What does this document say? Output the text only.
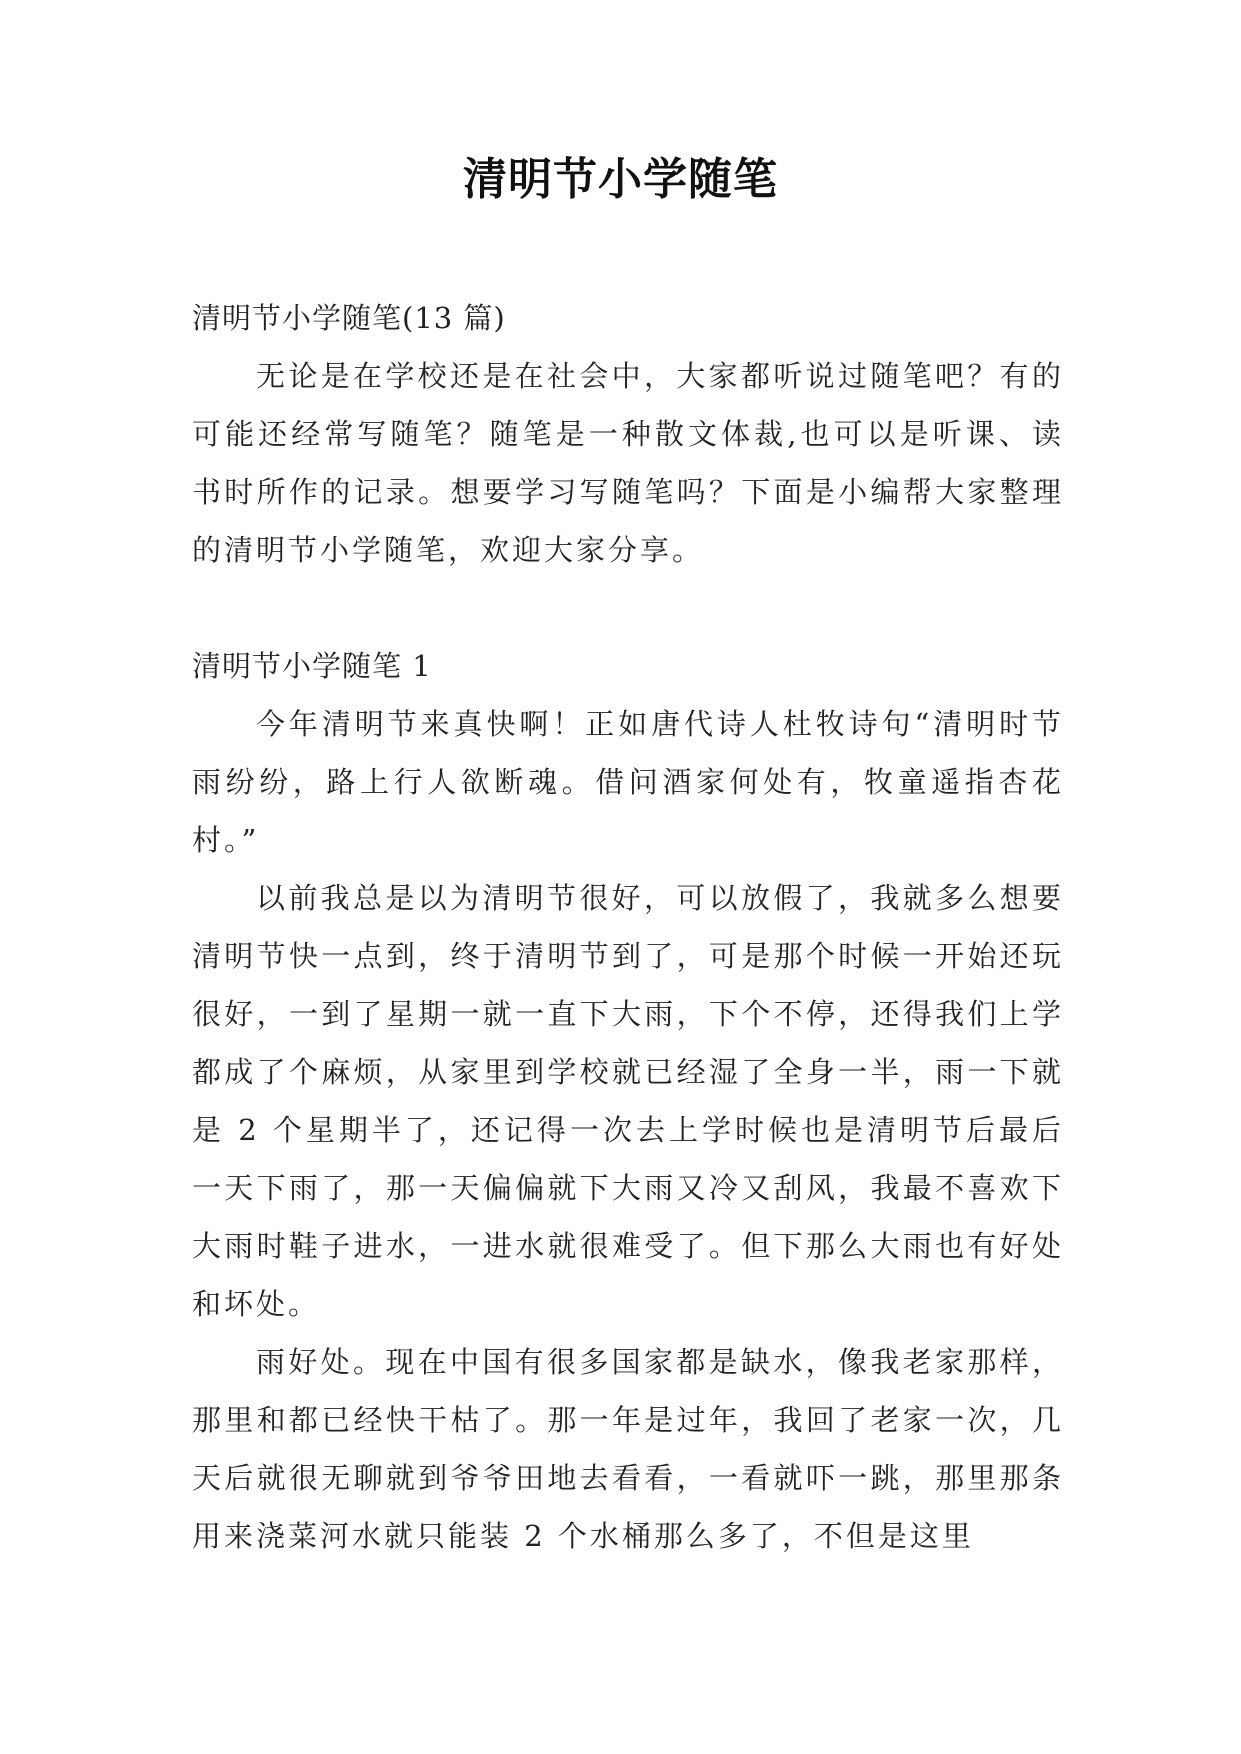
清明节小学随笔

清明节小学随笔(13 篇)

无论是在学校还是在社会中，大家都听说过随笔吧？有的可能还经常写随笔？随笔是一种散文体裁,也可以是听课、读书时所作的记录。想要学习写随笔吗？下面是小编帮大家整理的清明节小学随笔，欢迎大家分享。

清明节小学随笔 1

今年清明节来真快啊！正如唐代诗人杜牧诗句“清明时节雨纷纷，路上行人欲断魂。借问酒家何处有，牧童遥指杏花村。”

以前我总是以为清明节很好，可以放假了，我就多么想要清明节快一点到，终于清明节到了，可是那个时候一开始还玩很好，一到了星期一就一直下大雨，下个不停，还得我们上学都成了个麻烦，从家里到学校就已经湿了全身一半，雨一下就是 2 个星期半了，还记得一次去上学时候也是清明节后最后一天下雨了，那一天偏偏就下大雨又冷又刮风，我最不喜欢下大雨时鞋子进水，一进水就很难受了。但下那么大雨也有好处和坏处。

雨好处。现在中国有很多国家都是缺水，像我老家那样，那里和都已经快干枯了。那一年是过年，我回了老家一次，几天后就很无聊就到爷爷田地去看看，一看就吓一跳，那里那条用来浇菜河水就只能装 2 个水桶那么多了，不但是这里
